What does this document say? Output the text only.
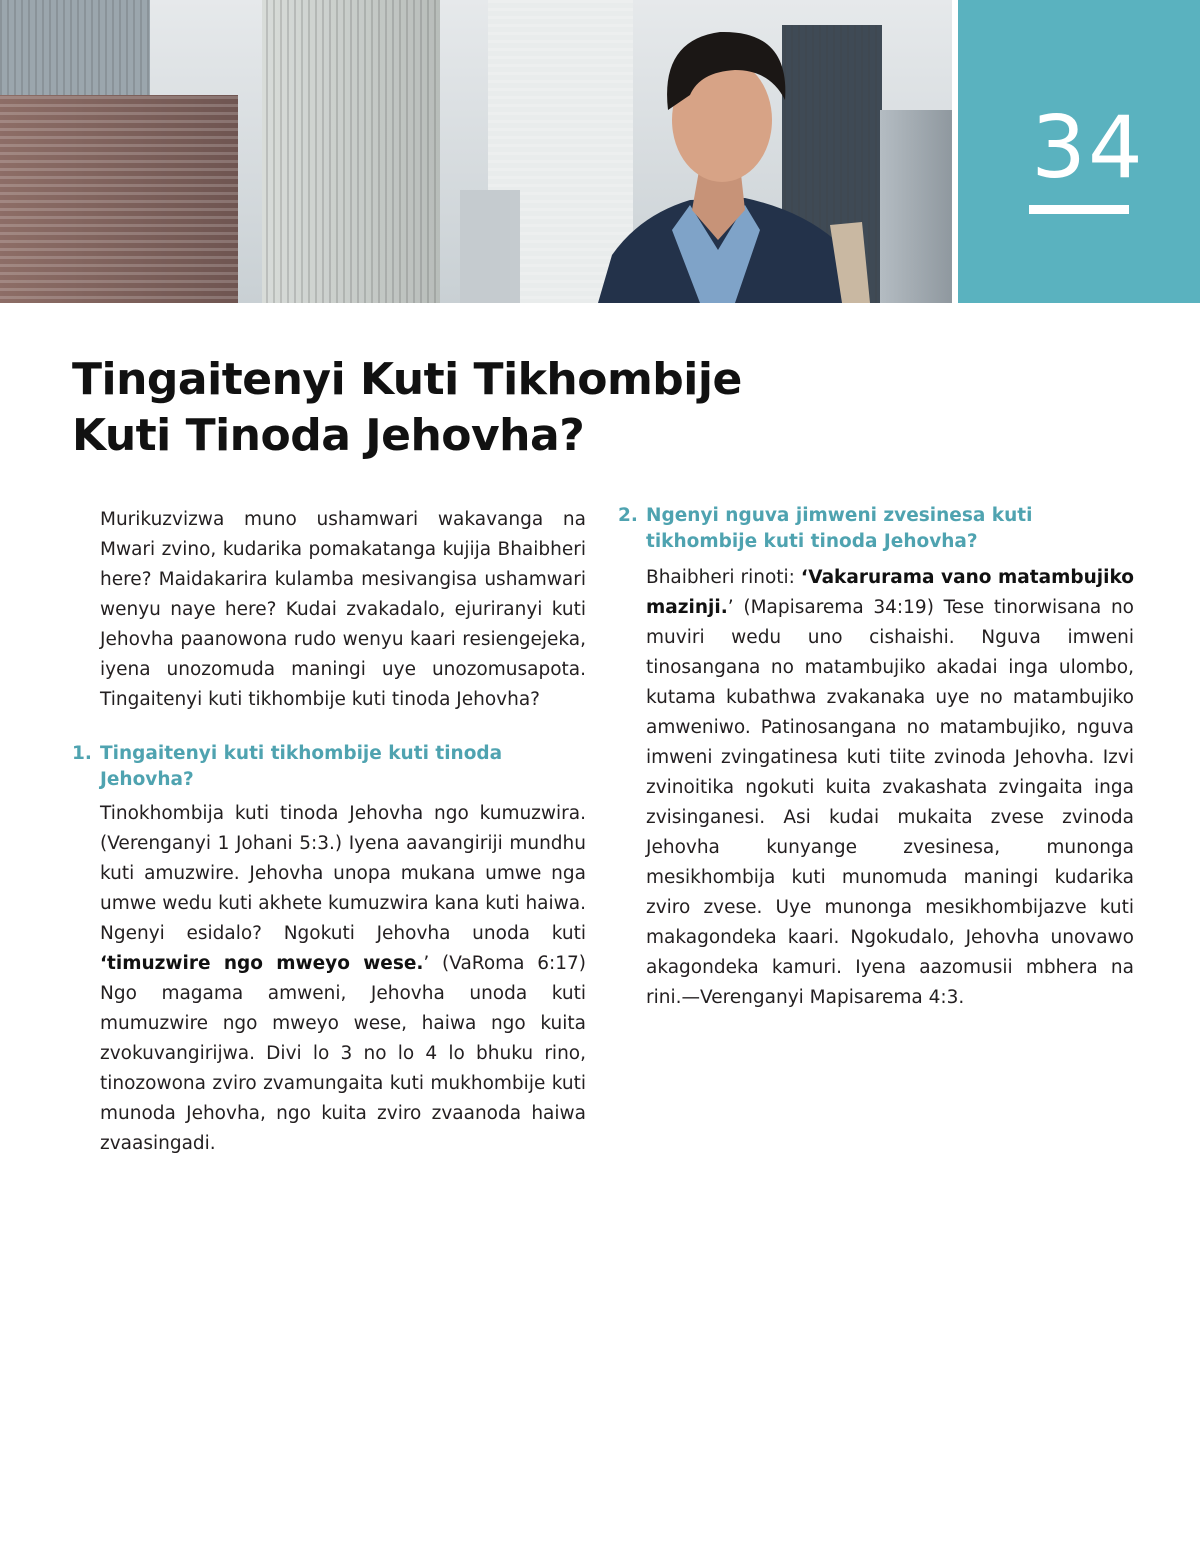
34
Tingaitenyi Kuti Tikhombije
Kuti Tinoda Jehovha?

Murikuzvizwa muno ushamwari wakavanga na Mwari zvino, kudarika pomakatanga kujija Bhaibheri here? Maidakarira kulamba mesivangisa ushamwari wenyu naye here? Kudai zvakadalo, ejuriranyi kuti Jehovha paanowona rudo wenyu kaari resiengejeka, iyena unozomuda maningi uye unozomusapota. Tingaitenyi kuti tikhombije kuti tinoda Jehovha?

1. Tingaitenyi kuti tikhombije kuti tinoda Jehovha?

Tinokhombija kuti tinoda Jehovha ngo kumuzwira. (Verenganyi 1 Johani 5:3.) Iyena aavangiriji mundhu kuti amuzwire. Jehovha unopa mukana umwe nga umwe wedu kuti akhete kumuzwira kana kuti haiwa. Ngenyi esidalo? Ngokuti Jehovha unoda kuti ‘timuzwire ngo mweyo wese.’ (VaRoma 6:17) Ngo magama amweni, Jehovha unoda kuti mumuzwire ngo mweyo wese, haiwa ngo kuita zvokuvangirijwa. Divi lo 3 no lo 4 lo bhuku rino, tinozowona zviro zvamungaita kuti mukhombije kuti munoda Jehovha, ngo kuita zviro zvaanoda haiwa zvaasingadi.

2. Ngenyi nguva jimweni zvesinesa kuti tikhombije kuti tinoda Jehovha?

Bhaibheri rinoti: ‘Vakarurama vano matambujiko mazinji.’ (Mapisarema 34:19) Tese tinorwisana no muviri wedu uno cishaishi. Nguva imweni tinosangana no matambujiko akadai inga ulombo, kutama kubathwa zvakanaka uye no matambujiko amweniwo. Patinosangana no matambujiko, nguva imweni zvingatinesa kuti tiite zvinoda Jehovha. Izvi zvinoitika ngokuti kuita zvakashata zvingaita inga zvisinganesi. Asi kudai mukaita zvese zvinoda Jehovha kunyange zvesinesa, munonga mesikhombija kuti munomuda maningi kudarika zviro zvese. Uye munonga mesikhombijazve kuti makagondeka kaari. Ngokudalo, Jehovha unovawo akagondeka kamuri. Iyena aazomusii mbhera na rini.—Verenganyi Mapisarema 4:3.
